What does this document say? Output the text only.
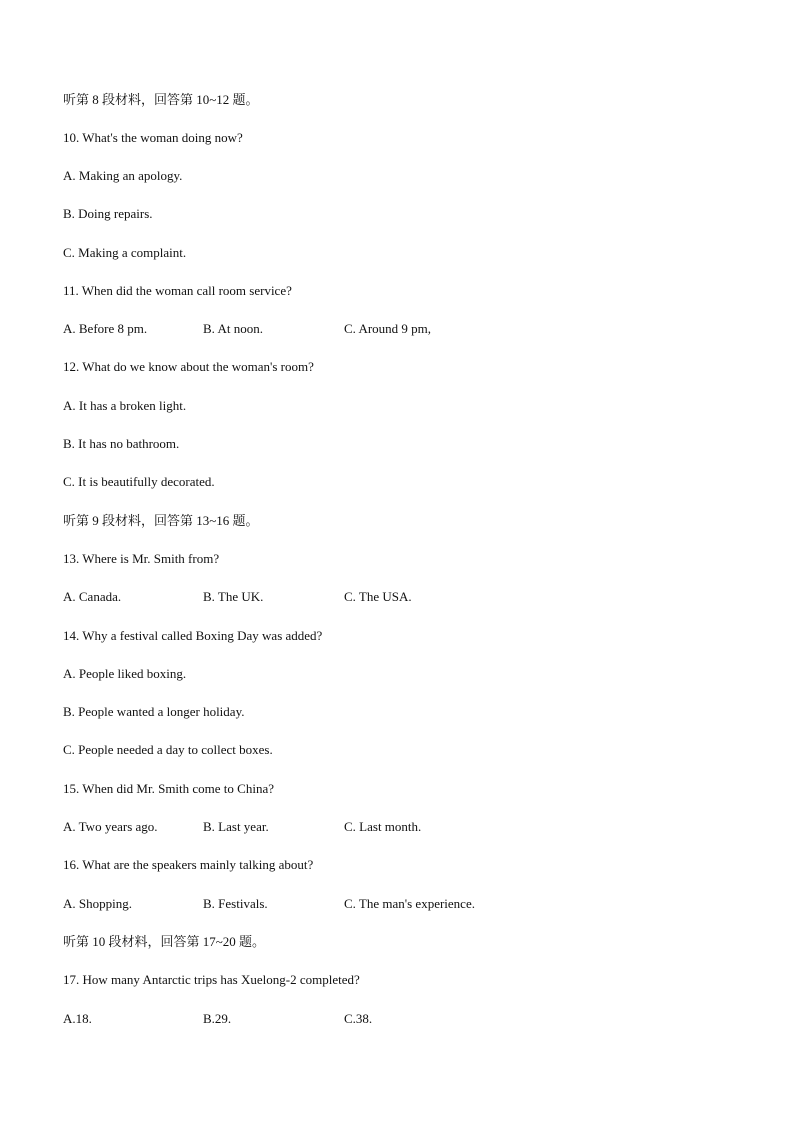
听第 8 段材料，回答第 10~12 题。
10. What's the woman doing now?
A. Making an apology.
B. Doing repairs.
C. Making a complaint.
11. When did the woman call room service?
A. Before 8 pm.	B. At noon.	C. Around 9 pm,
12. What do we know about the woman's room?
A. It has a broken light.
B. It has no bathroom.
C. It is beautifully decorated.
听第 9 段材料，回答第 13~16 题。
13. Where is Mr. Smith from?
A. Canada.	B. The UK.	C. The USA.
14. Why a festival called Boxing Day was added?
A. People liked boxing.
B. People wanted a longer holiday.
C. People needed a day to collect boxes.
15. When did Mr. Smith come to China?
A. Two years ago.	B. Last year.	C. Last month.
16. What are the speakers mainly talking about?
A. Shopping.	B. Festivals.	C. The man's experience.
听第 10 段材料，回答第 17~20 题。
17. How many Antarctic trips has Xuelong-2 completed?
A.18.	B.29.	C.38.
